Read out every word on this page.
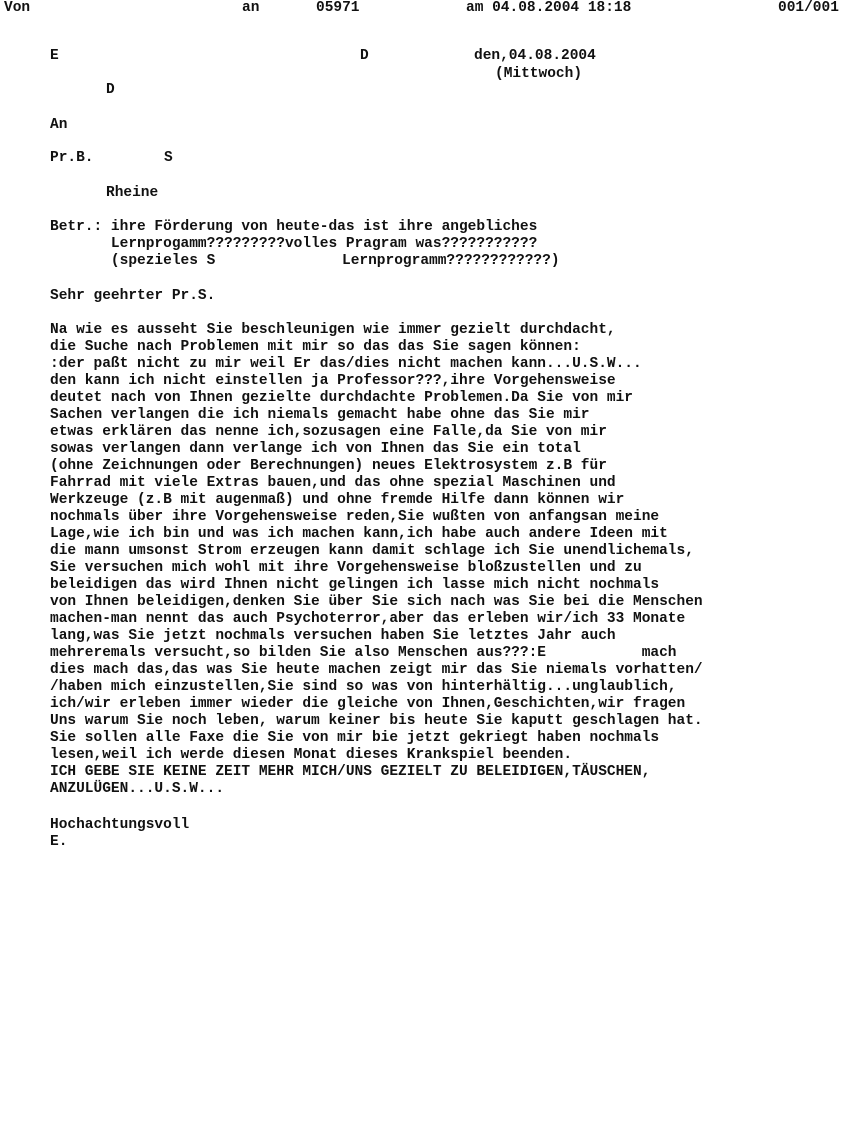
Von	an	05971	am 04.08.2004 18:18	001/001
E	D
D
den,04.08.2004
(Mittwoch)
An
Pr.B.	S
Rheine
Betr.: ihre Förderung von heute-das ist ihre angebliches
Lernprogamm?????????volles Pragram was???????????
(spezieles S	Lernprogramm????????????)
Sehr geehrter Pr.S.
Na wie es ausseht Sie beschleunigen wie immer gezielt durchdacht,
die Suche nach Problemen mit mir so das das Sie sagen können:
:der paßt nicht zu mir weil Er das/dies nicht machen kann...U.S.W...
den kann ich nicht einstellen ja Professor???,ihre Vorgehensweise
deutet nach von Ihnen gezielte durchdachte Problemen.Da Sie von mir
Sachen verlangen die ich niemals gemacht habe ohne das Sie mir
etwas erklären das nenne ich,sozusagen eine Falle,da Sie von mir
sowas verlangen dann verlange ich von Ihnen das Sie ein total
(ohne Zeichnungen oder Berechnungen) neues Elektrosystem z.B für
Fahrrad mit viele Extras bauen,und das ohne spezial Maschinen und
Werkzeuge (z.B mit augenmaß) und ohne fremde Hilfe dann können wir
nochmals über ihre Vorgehensweise reden,Sie wußten von anfangsan meine
Lage,wie ich bin und was ich machen kann,ich habe auch andere Ideen mit
die mann umsonst Strom erzeugen kann damit schlage ich Sie unendlichemals,
Sie versuchen mich wohl mit ihre Vorgehensweise bloßzustellen und zu
beleidigen das wird Ihnen nicht gelingen ich lasse mich nicht nochmals
von Ihnen beleidigen,denken Sie über Sie sich nach was Sie bei die Menschen
machen-man nennt das auch Psychoterror,aber das erleben wir/ich 33 Monate
lang,was Sie jetzt nochmals versuchen haben Sie letztes Jahr auch
mehreremals versucht,so bilden Sie also Menschen aus???:E           mach
dies mach das,das was Sie heute machen zeigt mir das Sie niemals vorhatten/
/haben mich einzustellen,Sie sind so was von hinterhältig...unglaublich,
ich/wir erleben immer wieder die gleiche von Ihnen,Geschichten,wir fragen
Uns warum Sie noch leben, warum keiner bis heute Sie kaputt geschlagen hat.
Sie sollen alle Faxe die Sie von mir bie jetzt gekriegt haben nochmals
lesen,weil ich werde diesen Monat dieses Krankspiel beenden.
ICH GEBE SIE KEINE ZEIT MEHR MICH/UNS GEZIELT ZU BELEIDIGEN,TÄUSCHEN,
ANZULÜGEN...U.S.W...
Hochachtungsvoll
E.
